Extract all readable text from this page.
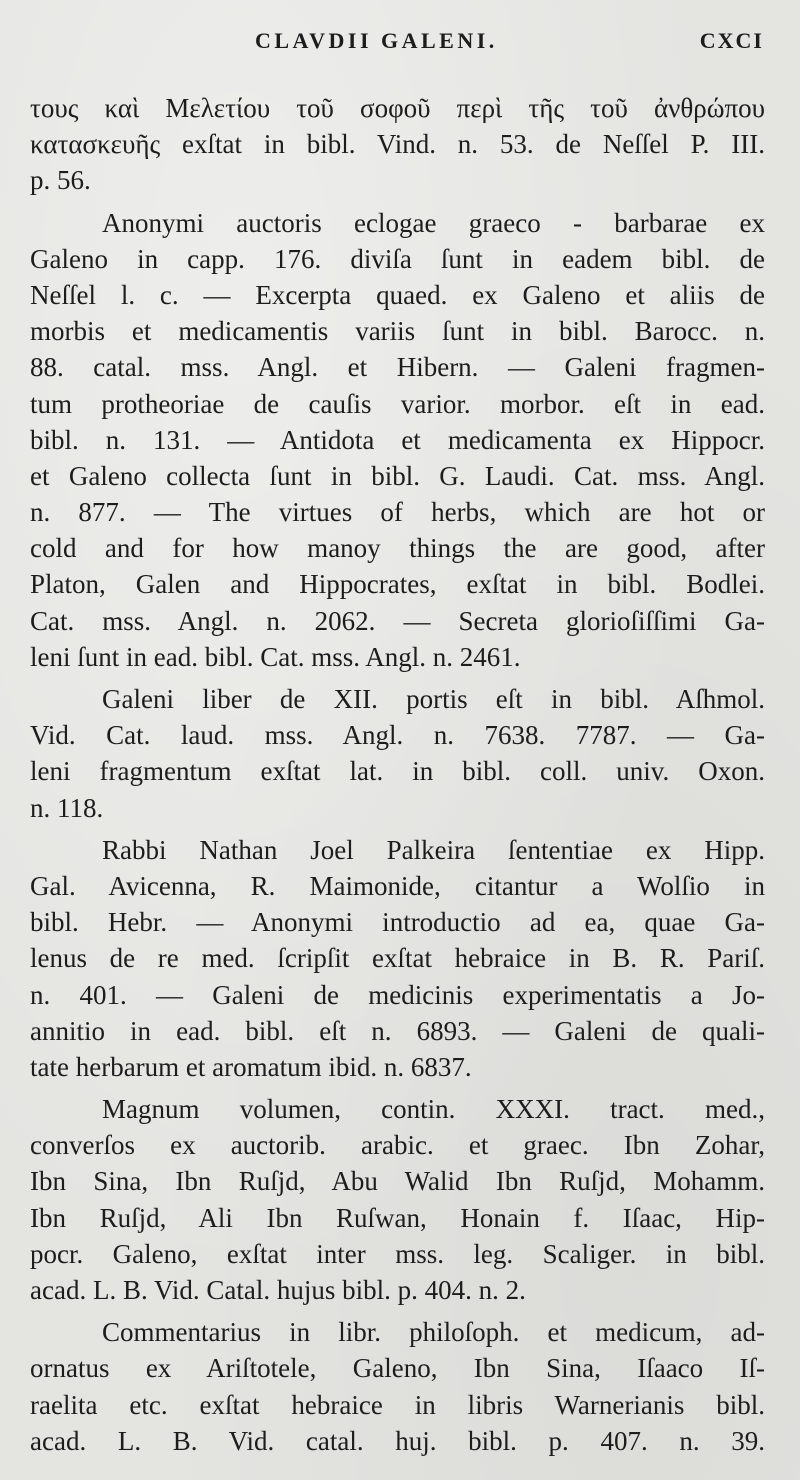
CLAVDII GALENI.	CXCI
τους καὶ Μελετίου τοῦ σοφοῦ περὶ τῆς τοῦ ἀνθρώπου
κατασκευῆς exſtat in bibl. Vind. n. 53. de Neſſel P. III.
p. 56.
Anonymi auctoris eclogae graeco - barbarae ex
Galeno in capp. 176. diviſa ſunt in eadem bibl. de
Neſſel l. c. — Excerpta quaed. ex Galeno et aliis de
morbis et medicamentis variis ſunt in bibl. Barocc. n.
88. catal. mss. Angl. et Hibern. — Galeni fragmen-
tum protheoriae de cauſis varior. morbor. eſt in ead.
bibl. n. 131. — Antidota et medicamenta ex Hippocr.
et Galeno collecta ſunt in bibl. G. Laudi. Cat. mss. Angl.
n. 877. — The virtues of herbs, which are hot or
cold and for how manoy things the are good, after
Platon, Galen and Hippocrates, exſtat in bibl. Bodlei.
Cat. mss. Angl. n. 2062. — Secreta glorioſiſſimi Ga-
leni ſunt in ead. bibl. Cat. mss. Angl. n. 2461.
Galeni liber de XII. portis eſt in bibl. Aſhmol.
Vid. Cat. laud. mss. Angl. n. 7638. 7787. — Ga-
leni fragmentum exſtat lat. in bibl. coll. univ. Oxon.
n. 118.
Rabbi Nathan Joel Palkeira ſententiae ex Hipp.
Gal. Avicenna, R. Maimonide, citantur a Wolſio in
bibl. Hebr. — Anonymi introductio ad ea, quae Ga-
lenus de re med. ſcripſit exſtat hebraice in B. R. Pariſ.
n. 401. — Galeni de medicinis experimentatis a Jo-
annitio in ead. bibl. eſt n. 6893. — Galeni de quali-
tate herbarum et aromatum ibid. n. 6837.
Magnum volumen, contin. XXXI. tract. med.,
converſos ex auctorib. arabic. et graec. Ibn Zohar,
Ibn Sina, Ibn Ruſjd, Abu Walid Ibn Ruſjd, Mohamm.
Ibn Ruſjd, Ali Ibn Ruſwan, Honain f. Iſaac, Hip-
pocr. Galeno, exſtat inter mss. leg. Scaliger. in bibl.
acad. L. B. Vid. Catal. hujus bibl. p. 404. n. 2.
Commentarius in libr. philoſoph. et medicum, ad-
ornatus ex Ariſtotele, Galeno, Ibn Sina, Iſaaco Iſ-
raelita etc. exſtat hebraice in libris Warnerianis bibl.
acad. L. B. Vid. catal. huj. bibl. p. 407. n. 39.
